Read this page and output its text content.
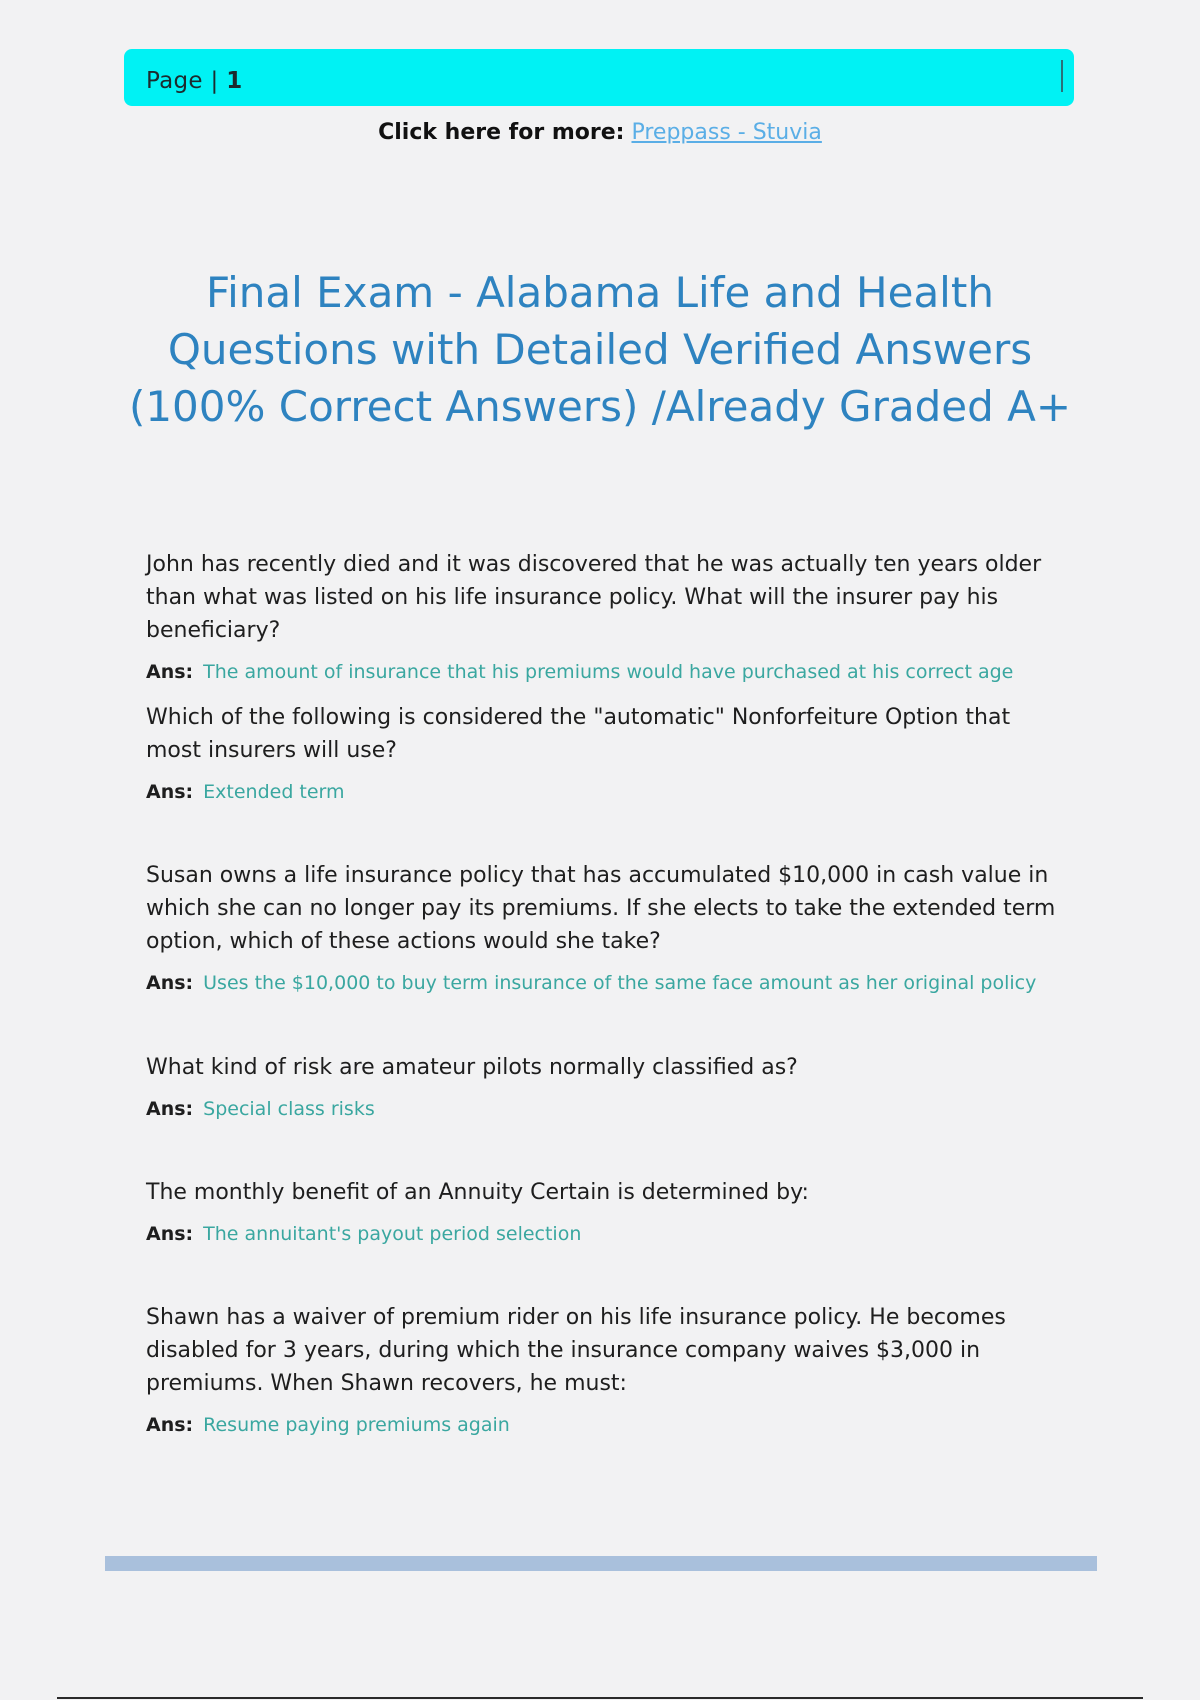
Page | 1
Click here for more: Preppass - Stuvia
Final Exam - Alabama Life and Health Questions with Detailed Verified Answers (100% Correct Answers) /Already Graded A+

John has recently died and it was discovered that he was actually ten years older than what was listed on his life insurance policy. What will the insurer pay his beneficiary?

Ans: The amount of insurance that his premiums would have purchased at his correct age

Which of the following is considered the "automatic" Nonforfeiture Option that most insurers will use?

Ans: Extended term

Susan owns a life insurance policy that has accumulated $10,000 in cash value in which she can no longer pay its premiums. If she elects to take the extended term option, which of these actions would she take?

Ans: Uses the $10,000 to buy term insurance of the same face amount as her original policy

What kind of risk are amateur pilots normally classified as?

Ans: Special class risks

The monthly benefit of an Annuity Certain is determined by:

Ans: The annuitant's payout period selection

Shawn has a waiver of premium rider on his life insurance policy. He becomes disabled for 3 years, during which the insurance company waives $3,000 in premiums. When Shawn recovers, he must:

Ans: Resume paying premiums again
